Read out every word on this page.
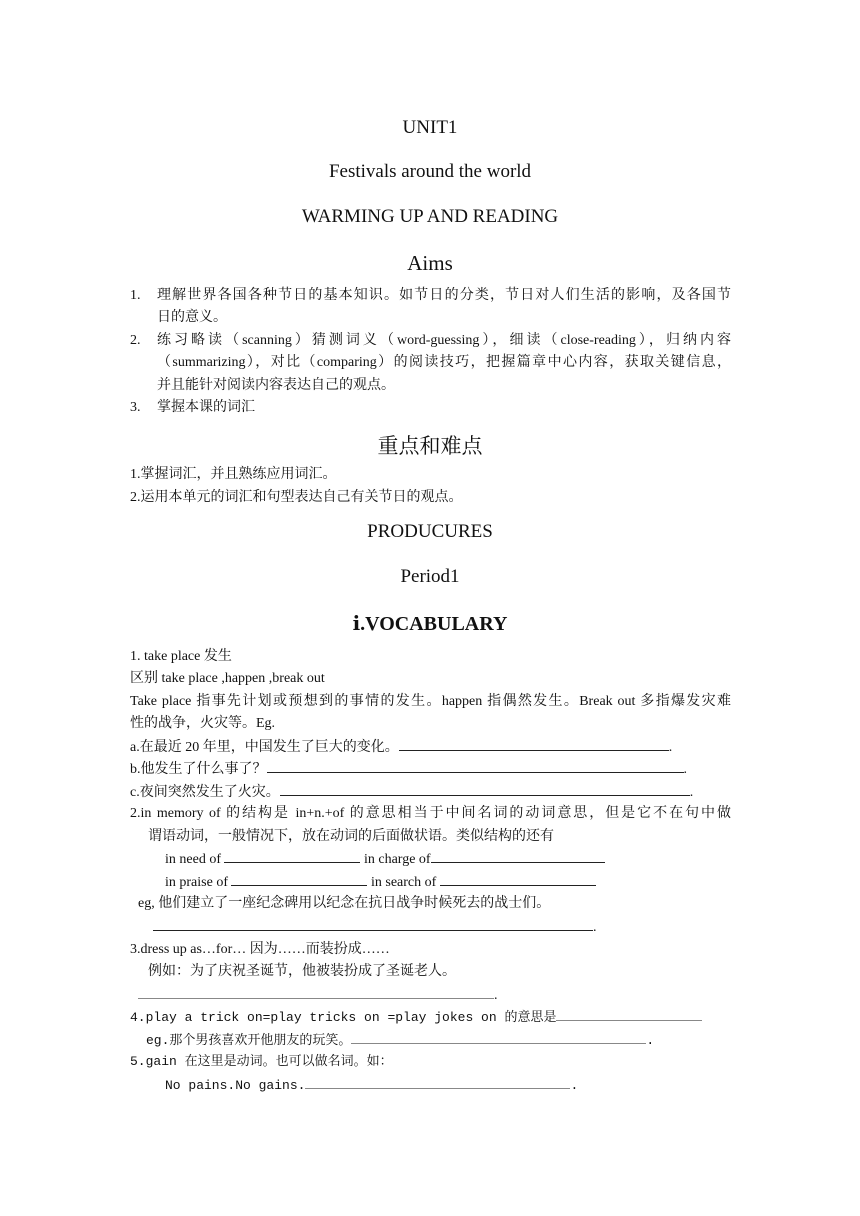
UNIT1
Festivals around the world
WARMING UP AND READING
Aims
1. 理解世界各国各种节日的基本知识。如节日的分类，节日对人们生活的影响，及各国节
日的意义。
2. 练习略读（scanning）猜测词义（word-guessing），细读（close-reading），归纳内容
（summarizing），对比（comparing）的阅读技巧，把握篇章中心内容，获取关键信息，
并且能针对阅读内容表达自己的观点。
3. 掌握本课的词汇
重点和难点
1.掌握词汇，并且熟练应用词汇。
2.运用本单元的词汇和句型表达自己有关节日的观点。
PRODUCURES
Period1
ⅰ.VOCABULARY
1. take place 发生
区别 take place ,happen ,break out
Take place 指事先计划或预想到的事情的发生。happen 指偶然发生。Break out 多指爆发灾难
性的战争，火灾等。Eg.
a.在最近 20 年里，中国发生了巨大的变化。	.
b.他发生了什么事了？	.
c.夜间突然发生了火灾。	.
2.in memory of 的结构是 in+n.+of 的意思相当于中间名词的动词意思，但是它不在句中做
谓语动词，一般情况下，放在动词的后面做状语。类似结构的还有
in need of	in charge of
in praise of	in search of
eg, 他们建立了一座纪念碑用以纪念在抗日战争时候死去的战士们。
.
3.dress up as…for… 因为……而装扮成……
例如：为了庆祝圣诞节，他被装扮成了圣诞老人。
.
4.play a trick on=play tricks on =play jokes on 的意思是
eg.那个男孩喜欢开他朋友的玩笑。	.
5.gain 在这里是动词。也可以做名词。如：
No pains.No gains.	.
